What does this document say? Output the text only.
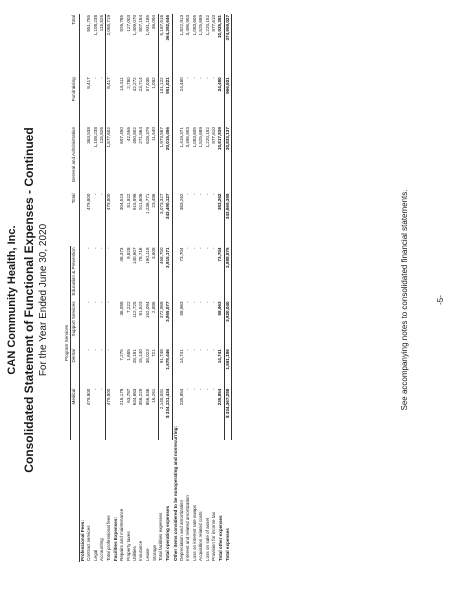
CAN Community Health, Inc. Consolidated Statement of Functional Expenses - Continued For the Year Ended June 30, 2020
		Program Services							
	Medical	Dental	Support Services	Education & Prevention	Total	General and Administrative	Fundraising	Total
Professional Fees:								
Contract services	479,800	-	-	-	479,800	363,538	8,417	851,755
Legal	-	-	-	-	-	1,108,238	-	1,108,238
Accounting	-	-	-	-	-	115,826	-	115,826
Total professional fees	479,800	-	-	-	479,800	1,577,602	8,417	2,065,719
Facilities Expenses:								
Repairs and maintenance	216,178	7,275	36,088	46,373	304,524	607,450	14,411	926,785
Property taxes	63,787	1,685	7,222	9,828	81,922	42,556	2,780	127,003
Utilities	634,683	28,181	112,725	140,607	915,996	450,802	42,272	1,409,070
Insurance	356,229	15,140	61,523	78,716	511,606	271,864	23,714	807,184
Lease	856,536	38,023	152,094	190,118	1,236,771	628,379	57,035	1,931,185
Storage	16,261	721	2,886	3,608	23,486	11,540	1,082	36,094
Total facilities expenses	2,140,031	91,748	372,968	468,750	3,073,327	1,973,567	141,122	5,187,516
Total operating expenses	$ 334,131,434	1,578,446	3,865,077	3,915,171	343,490,127	20,015,456	951,021	364,392,646
Other items considered to be nonoperating and nonrecurring:								
Depreciation and amortization	235,854	14,741	58,963	73,704	383,262	1,419,371	24,480	1,822,913
Interest and related amortization	-	-	-	-	-	3,495,903	-	3,495,903
Loss on interest rate swaps	-	-	-	-	-	1,083,605	-	1,083,605
Acquisition related costs	-	-	-	-	-	1,525,689	-	1,525,689
Loss on sale of asset	-	-	-	-	-	1,220,152	-	1,220,152
Provision for income tax	-	-	-	-	-	977,610	-	977,610
Total other expenses	235,854	14,741	58,963	73,704	383,262	10,817,839	24,480	10,925,381
Total expenses	$ 334,367,288	1,591,186	3,920,040	3,988,875	343,869,389	30,833,137	966,501	374,959,027
See accompanying notes to consolidated financial statements.	-5-
